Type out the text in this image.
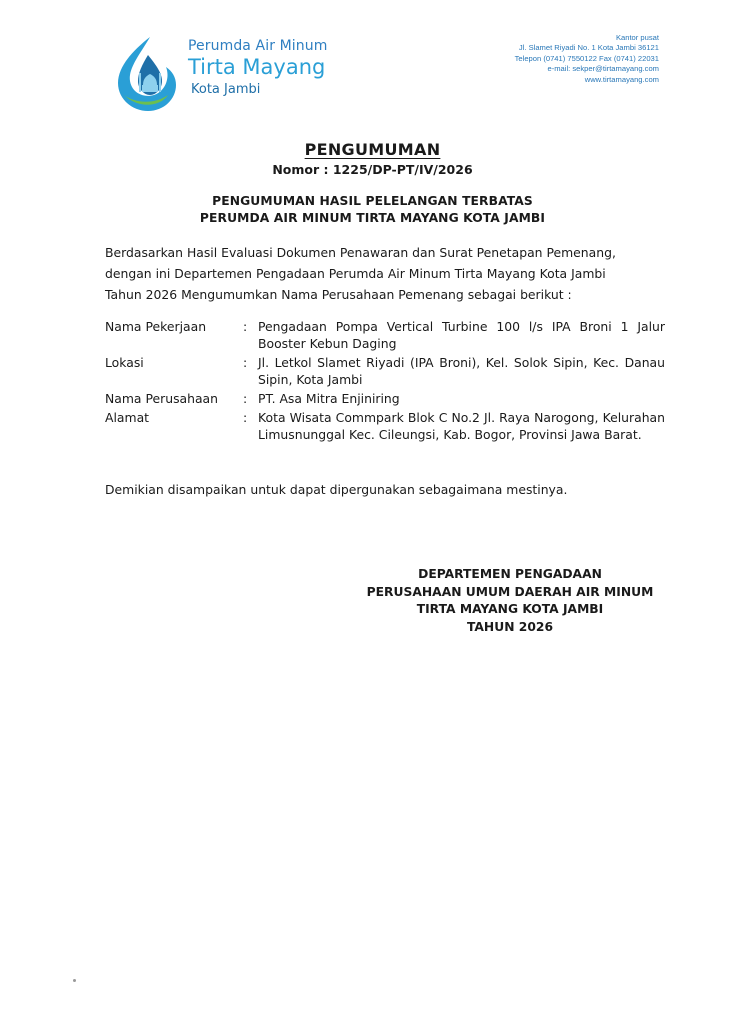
Perumda Air Minum
Tirta Mayang
Kota Jambi
Kantor pusat
Jl. Slamet Riyadi No. 1 Kota Jambi 36121
Telepon (0741) 7550122 Fax (0741) 22031
e-mail: sekper@tirtamayang.com
www.tirtamayang.com
PENGUMUMAN
Nomor : 1225/DP-PT/IV/2026
PENGUMUMAN HASIL PELELANGAN TERBATAS
PERUMDA AIR MINUM TIRTA MAYANG KOTA JAMBI
Berdasarkan Hasil Evaluasi Dokumen Penawaran dan Surat Penetapan Pemenang,
dengan ini Departemen Pengadaan Perumda Air Minum Tirta Mayang Kota Jambi
Tahun 2026 Mengumumkan Nama Perusahaan Pemenang sebagai berikut :
Nama Pekerjaan	:	Pengadaan Pompa Vertical Turbine 100 l/s IPA Broni 1 Jalur Booster Kebun Daging
Lokasi	:	Jl. Letkol Slamet Riyadi (IPA Broni), Kel. Solok Sipin, Kec. Danau Sipin, Kota Jambi
Nama Perusahaan	:	PT. Asa Mitra Enjiniring
Alamat	:	Kota Wisata Commpark Blok C No.2 Jl. Raya Narogong, Kelurahan Limusnunggal Kec. Cileungsi, Kab. Bogor, Provinsi Jawa Barat.
Demikian disampaikan untuk dapat dipergunakan sebagaimana mestinya.
DEPARTEMEN PENGADAAN
PERUSAHAAN UMUM DAERAH AIR MINUM
TIRTA MAYANG KOTA JAMBI
TAHUN 2026
